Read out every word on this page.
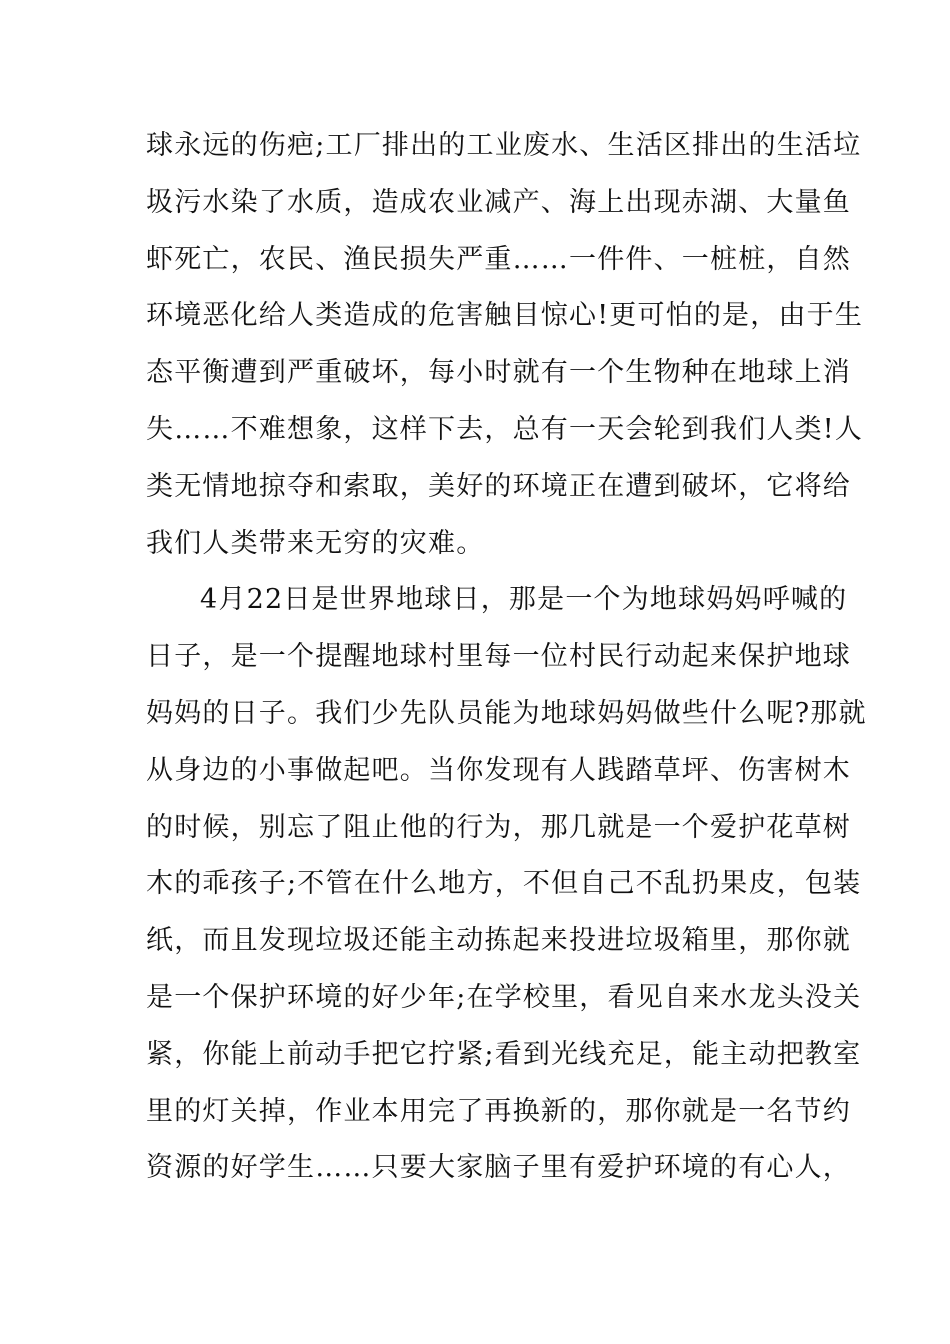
球永远的伤疤;工厂排出的工业废水、生活区排出的生活垃
圾污水染了水质，造成农业减产、海上出现赤湖、大量鱼
虾死亡，农民、渔民损失严重……一件件、一桩桩，自然
环境恶化给人类造成的危害触目惊心!更可怕的是，由于生
态平衡遭到严重破坏，每小时就有一个生物种在地球上消
失……不难想象，这样下去，总有一天会轮到我们人类!人
类无情地掠夺和索取，美好的环境正在遭到破坏，它将给
我们人类带来无穷的灾难。
4月22日是世界地球日，那是一个为地球妈妈呼喊的
日子，是一个提醒地球村里每一位村民行动起来保护地球
妈妈的日子。我们少先队员能为地球妈妈做些什么呢?那就
从身边的小事做起吧。当你发现有人践踏草坪、伤害树木
的时候，别忘了阻止他的行为，那几就是一个爱护花草树
木的乖孩子;不管在什么地方，不但自己不乱扔果皮，包装
纸，而且发现垃圾还能主动拣起来投进垃圾箱里，那你就
是一个保护环境的好少年;在学校里，看见自来水龙头没关
紧，你能上前动手把它拧紧;看到光线充足，能主动把教室
里的灯关掉，作业本用完了再换新的，那你就是一名节约
资源的好学生……只要大家脑子里有爱护环境的有心人，
